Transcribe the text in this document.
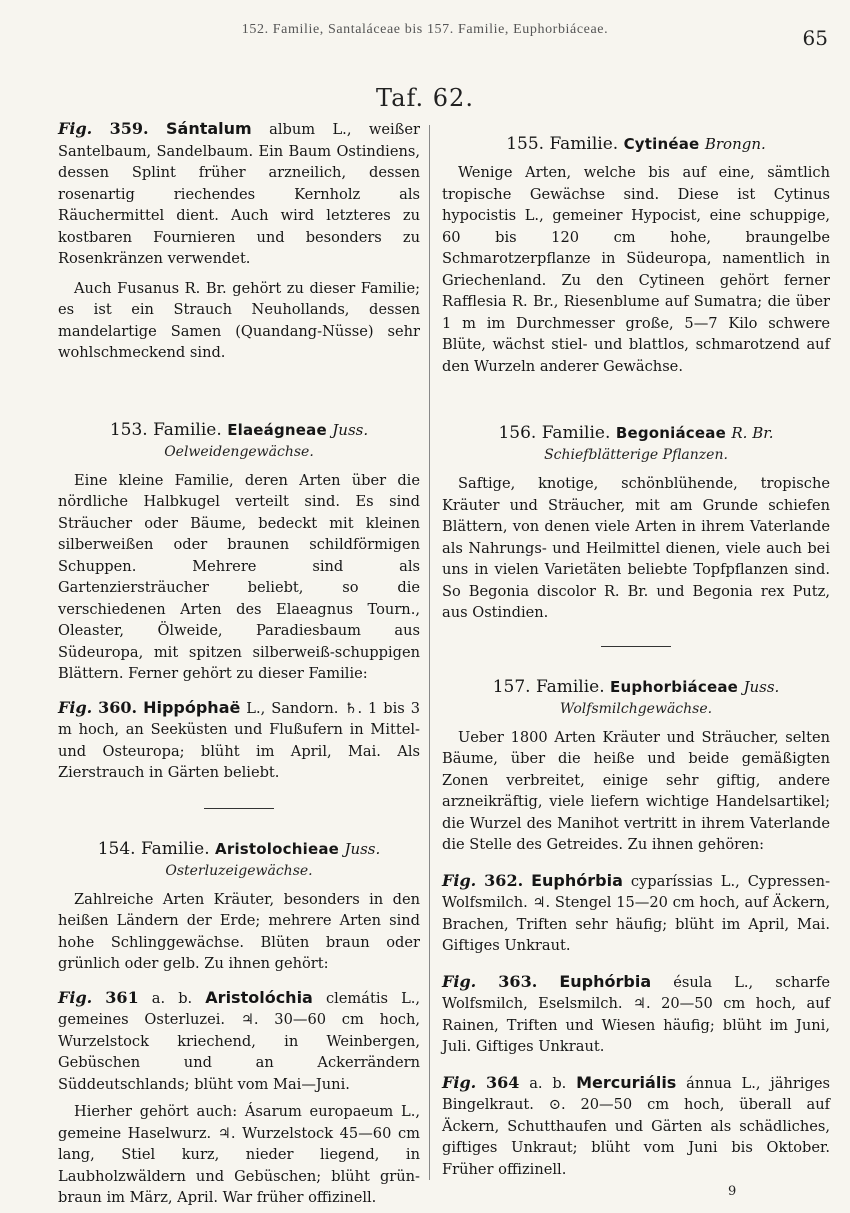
152. Familie, Santaláceae bis 157. Familie, Euphorbiáceae.	65
Taf. 62.

Fig. 359. Sántalum album L., weißer Santelbaum, Sandelbaum. Ein Baum Ostindiens, dessen Splint früher arzneilich, dessen rosenartig riechendes Kernholz als Räuchermittel dient. Auch wird letzteres zu kostbaren Fournieren und besonders zu Rosenkränzen verwendet.

Auch Fusanus R. Br. gehört zu dieser Familie; es ist ein Strauch Neuhollands, dessen mandelartige Samen (Quandang-Nüsse) sehr wohlschmeckend sind.

153. Familie. Elaeágneae Juss.
Oelweidengewächse.

Eine kleine Familie, deren Arten über die nördliche Halbkugel verteilt sind. Es sind Sträucher oder Bäume, bedeckt mit kleinen silberweißen oder braunen schildförmigen Schuppen. Mehrere sind als Gartenziersträucher beliebt, so die verschiedenen Arten des Elaeagnus Tourn., Oleaster, Ölweide, Paradiesbaum aus Südeuropa, mit spitzen silberweiß-schuppigen Blättern. Ferner gehört zu dieser Familie:

Fig. 360. Hippóphaë L., Sandorn. ♄. 1 bis 3 m hoch, an Seeküsten und Flußufern in Mittel- und Osteuropa; blüht im April, Mai. Als Zierstrauch in Gärten beliebt.

154. Familie. Aristolochieae Juss.
Osterluzeigewächse.

Zahlreiche Arten Kräuter, besonders in den heißen Ländern der Erde; mehrere Arten sind hohe Schlinggewächse. Blüten braun oder grünlich oder gelb. Zu ihnen gehört:

Fig. 361 a. b. Aristolóchia clemátis L., gemeines Osterluzei. ♃. 30—60 cm hoch, Wurzelstock kriechend, in Weinbergen, Gebüschen und an Ackerrändern Süddeutschlands; blüht vom Mai—Juni.

Hierher gehört auch: Ásarum europaeum L., gemeine Haselwurz. ♃. Wurzelstock 45—60 cm lang, Stiel kurz, nieder liegend, in Laubholzwäldern und Gebüschen; blüht grün-braun im März, April. War früher offizinell.

155. Familie. Cytinéae Brongn.

Wenige Arten, welche bis auf eine, sämtlich tropische Gewächse sind. Diese ist Cytinus hypocistis L., gemeiner Hypocist, eine schuppige, 60 bis 120 cm hohe, braungelbe Schmarotzerpflanze in Südeuropa, namentlich in Griechenland. Zu den Cytineen gehört ferner Rafflesia R. Br., Riesenblume auf Sumatra; die über 1 m im Durchmesser große, 5—7 Kilo schwere Blüte, wächst stiel- und blattlos, schmarotzend auf den Wurzeln anderer Gewächse.

156. Familie. Begoniáceae R. Br.
Schiefblätterige Pflanzen.

Saftige, knotige, schönblühende, tropische Kräuter und Sträucher, mit am Grunde schiefen Blättern, von denen viele Arten in ihrem Vaterlande als Nahrungs- und Heilmittel dienen, viele auch bei uns in vielen Varietäten beliebte Topfpflanzen sind. So Begonia discolor R. Br. und Begonia rex Putz, aus Ostindien.

157. Familie. Euphorbiáceae Juss.
Wolfsmilchgewächse.

Ueber 1800 Arten Kräuter und Sträucher, selten Bäume, über die heiße und beide gemäßigten Zonen verbreitet, einige sehr giftig, andere arzneikräftig, viele liefern wichtige Handelsartikel; die Wurzel des Manihot vertritt in ihrem Vaterlande die Stelle des Getreides. Zu ihnen gehören:

Fig. 362. Euphórbia cyparíssias L., Cypressen-Wolfsmilch. ♃. Stengel 15—20 cm hoch, auf Äckern, Brachen, Triften sehr häufig; blüht im April, Mai. Giftiges Unkraut.

Fig. 363. Euphórbia ésula L., scharfe Wolfsmilch, Eselsmilch. ♃. 20—50 cm hoch, auf Rainen, Triften und Wiesen häufig; blüht im Juni, Juli. Giftiges Unkraut.

Fig. 364 a. b. Mercuriális ánnua L., jähriges Bingelkraut. ⊙. 20—50 cm hoch, überall auf Äckern, Schutthaufen und Gärten als schädliches, giftiges Unkraut; blüht vom Juni bis Oktober. Früher offizinell.

9
